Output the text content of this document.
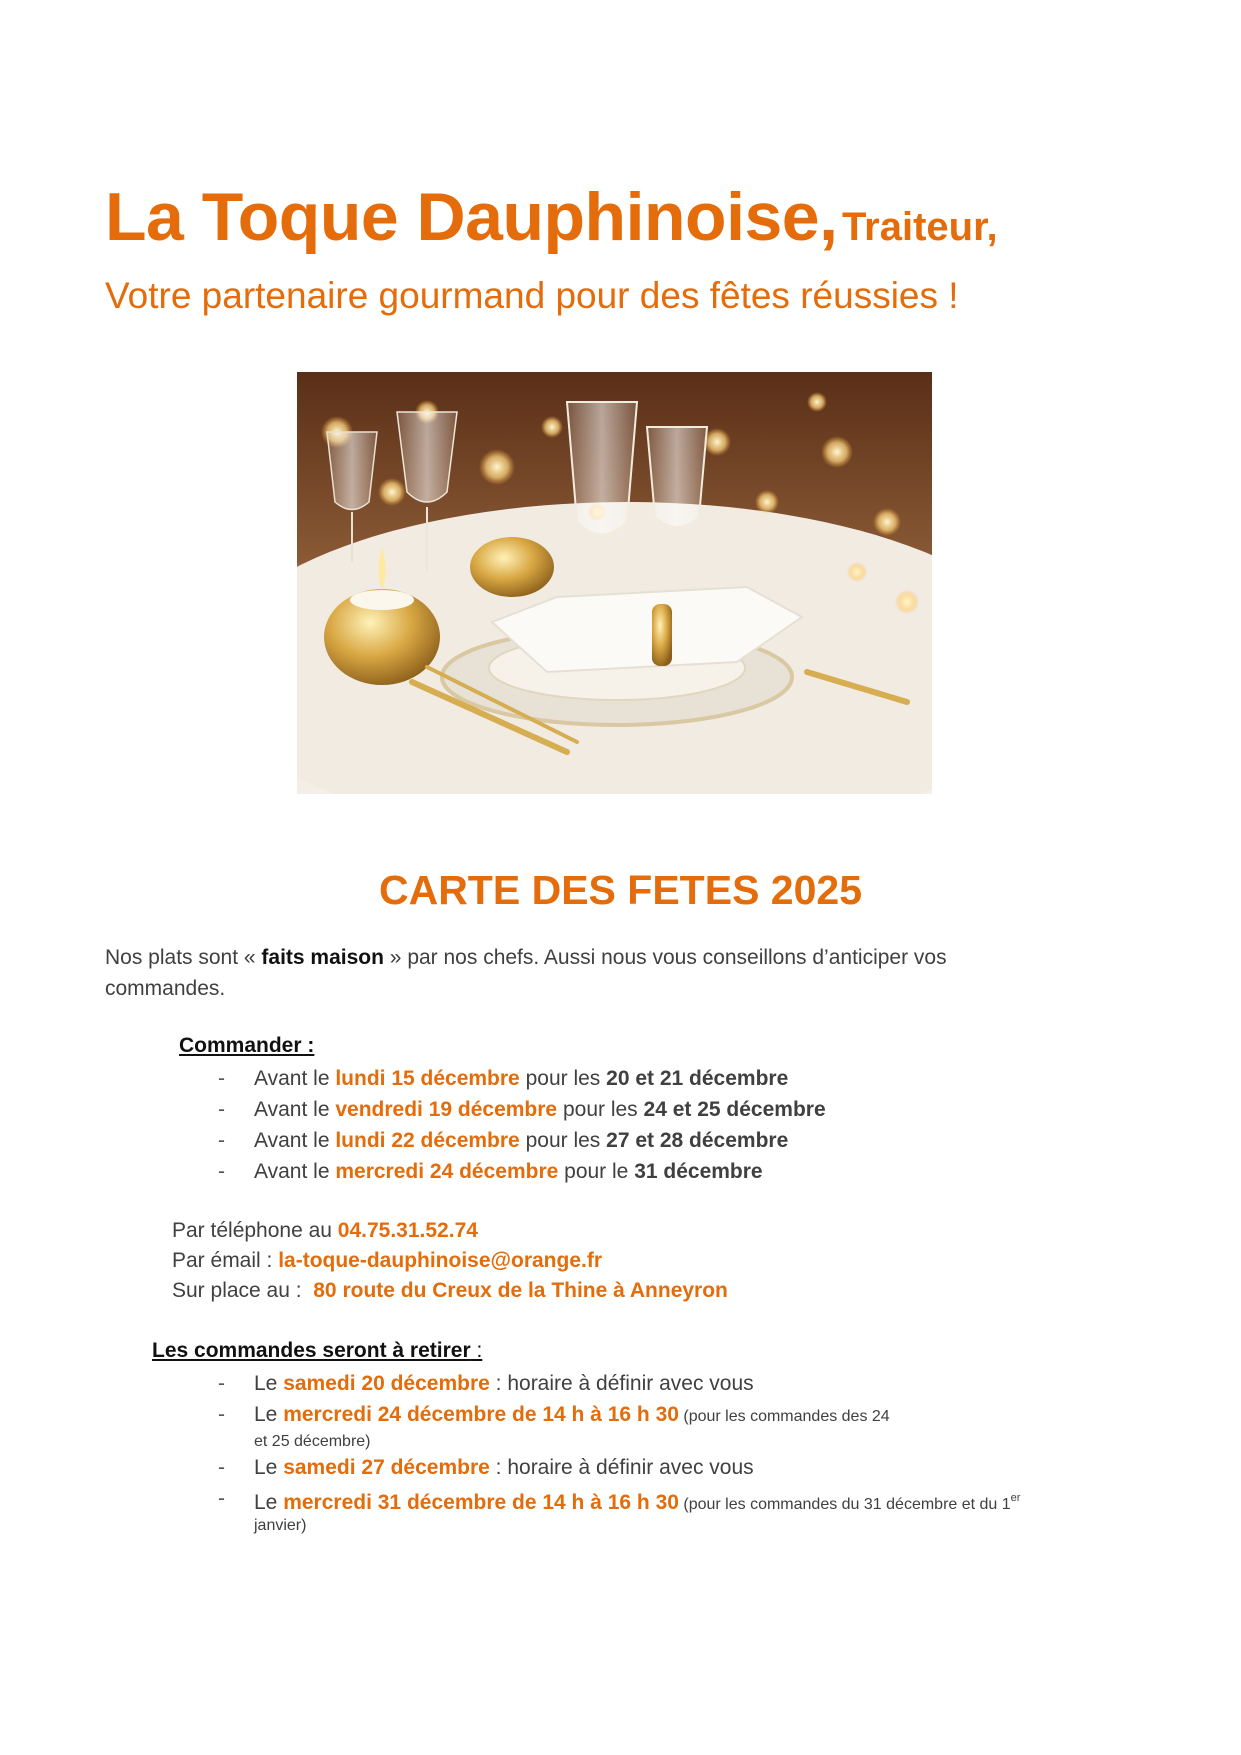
La Toque Dauphinoise, Traiteur,
Votre partenaire gourmand pour des fêtes réussies !
CARTE DES FETES 2025
Nos plats sont « faits maison » par nos chefs. Aussi nous vous conseillons d’anticiper vos commandes.
Commander :
- Avant le lundi 15 décembre pour les 20 et 21 décembre
- Avant le vendredi 19 décembre pour les 24 et 25 décembre
- Avant le lundi 22 décembre pour les 27 et 28 décembre
- Avant le mercredi 24 décembre pour le 31 décembre
Par téléphone au 04.75.31.52.74
Par émail : la-toque-dauphinoise@orange.fr
Sur place au :  80 route du Creux de la Thine à Anneyron
Les commandes seront à retirer :
- Le samedi 20 décembre : horaire à définir avec vous
- Le mercredi 24 décembre de 14 h à 16 h 30 (pour les commandes des 24
et 25 décembre)
- Le samedi 27 décembre : horaire à définir avec vous
- Le mercredi 31 décembre de 14 h à 16 h 30 (pour les commandes du 31 décembre et du 1er
janvier)
